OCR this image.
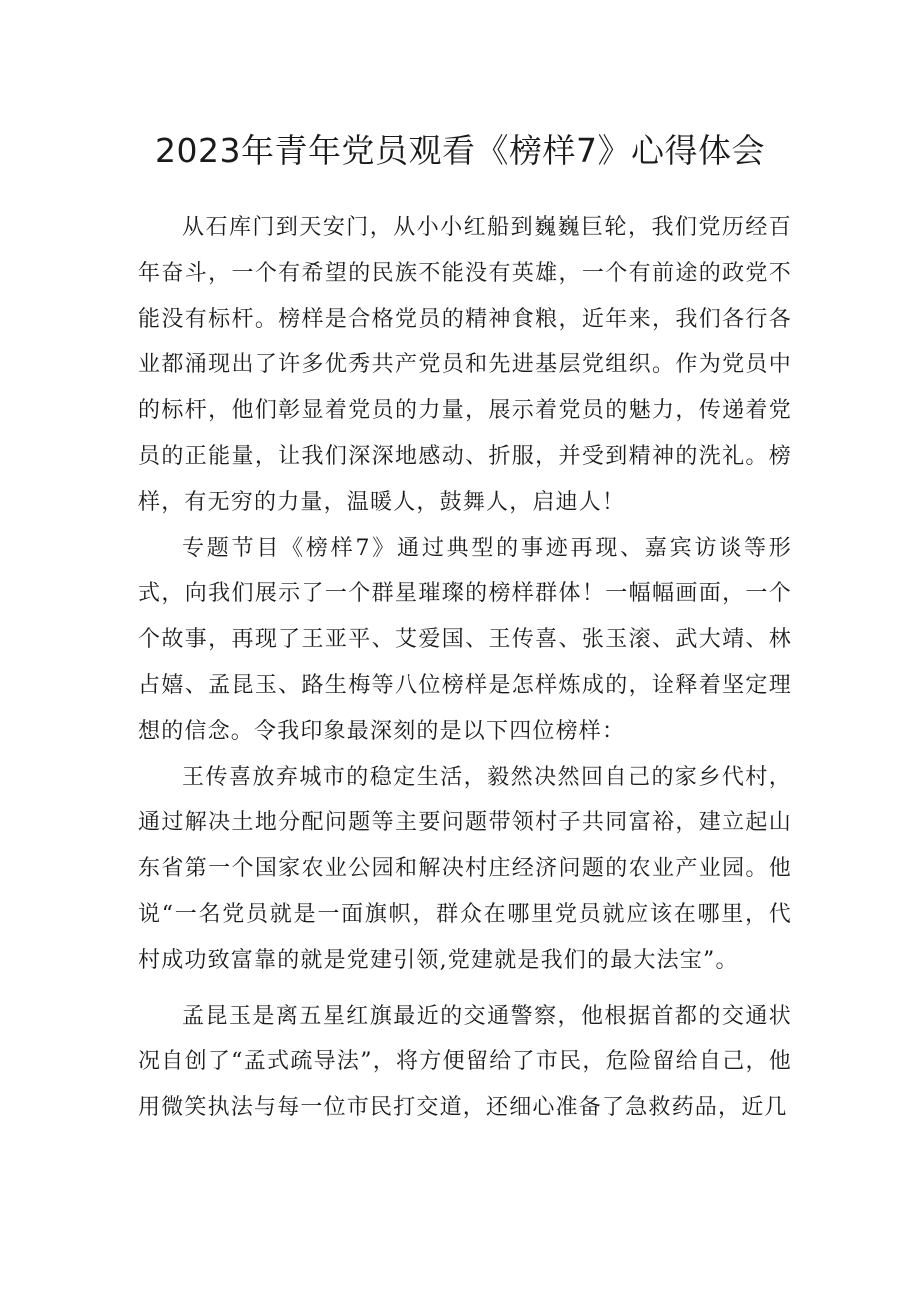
2023年青年党员观看《榜样7》心得体会

从石库门到天安门，从小小红船到巍巍巨轮，我们党历经百年奋斗，一个有希望的民族不能没有英雄，一个有前途的政党不能没有标杆。榜样是合格党员的精神食粮，近年来，我们各行各业都涌现出了许多优秀共产党员和先进基层党组织。作为党员中的标杆，他们彰显着党员的力量，展示着党员的魅力，传递着党员的正能量，让我们深深地感动、折服，并受到精神的洗礼。榜样，有无穷的力量，温暖人，鼓舞人，启迪人！

专题节目《榜样7》通过典型的事迹再现、嘉宾访谈等形式，向我们展示了一个群星璀璨的榜样群体！一幅幅画面，一个个故事，再现了王亚平、艾爱国、王传喜、张玉滚、武大靖、林占嬉、孟昆玉、路生梅等八位榜样是怎样炼成的，诠释着坚定理想的信念。令我印象最深刻的是以下四位榜样：

王传喜放弃城市的稳定生活，毅然决然回自己的家乡代村，通过解决土地分配问题等主要问题带领村子共同富裕，建立起山东省第一个国家农业公园和解决村庄经济问题的农业产业园。他说“一名党员就是一面旗帜，群众在哪里党员就应该在哪里，代村成功致富靠的就是党建引领,党建就是我们的最大法宝”。

孟昆玉是离五星红旗最近的交通警察，他根据首都的交通状况自创了“孟式疏导法”，将方便留给了市民，危险留给自己，他用微笑执法与每一位市民打交道，还细心准备了急救药品，近几
